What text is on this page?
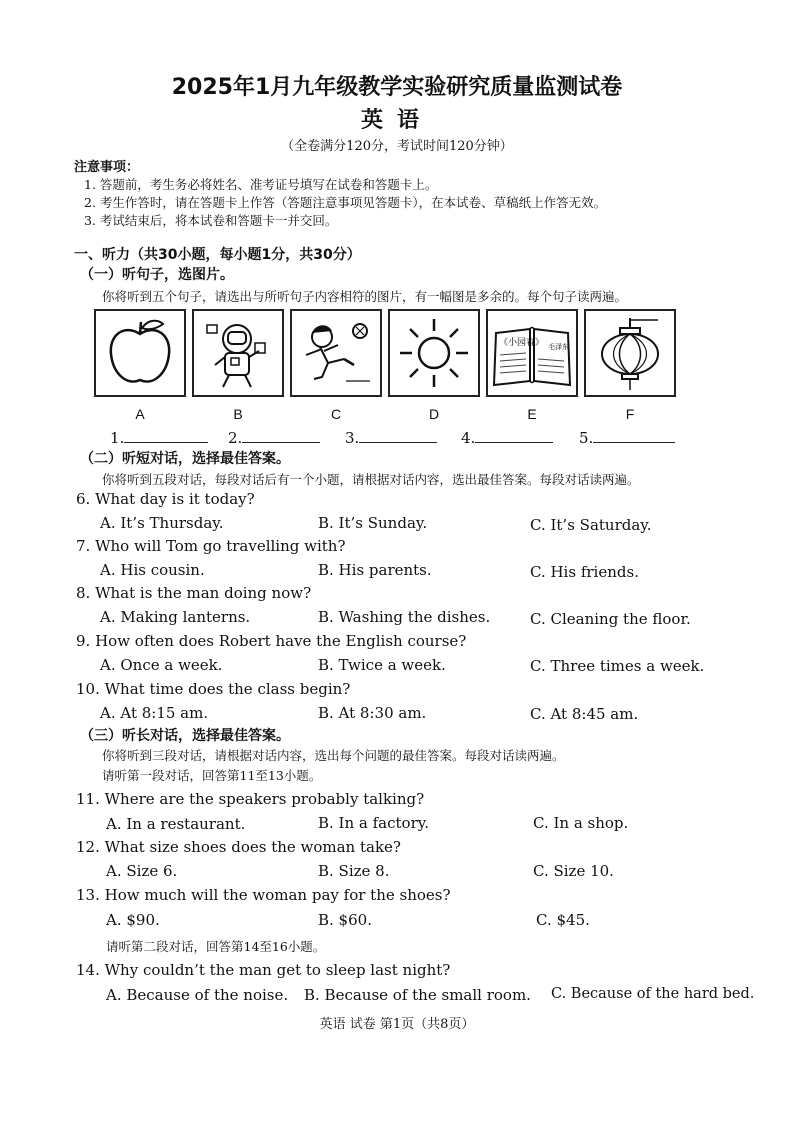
2025年1月九年级教学实验研究质量监测试卷
英语
（全卷满分120分，考试时间120分钟）
注意事项：
1. 答题前，考生务必将姓名、准考证号填写在试卷和答题卡上。
2. 考生作答时，请在答题卡上作答（答题注意事项见答题卡），在本试卷、草稿纸上作答无效。
3. 考试结束后，将本试卷和答题卡一并交回。
一、听力（共30小题，每小题1分，共30分）
（一）听句子，选图片。
你将听到五个句子，请选出与所听句子内容相符的图片，有一幅图是多余的。每个句子读两遍。
《小园春》 毛泽东
A	B	C	D	E	F
1.	2.	3.	4.	5.
（二）听短对话，选择最佳答案。
你将听到五段对话，每段对话后有一个小题，请根据对话内容，选出最佳答案。每段对话读两遍。
6. What day is it today?
A. It’s Thursday.	B. It’s Sunday.	C. It’s Saturday.
7. Who will Tom go travelling with?
A. His cousin.	B. His parents.	C. His friends.
8. What is the man doing now?
A. Making lanterns.	B. Washing the dishes.	C. Cleaning the floor.
9. How often does Robert have the English course?
A. Once a week.	B. Twice a week.	C. Three times a week.
10. What time does the class begin?
A. At 8:15 am.	B. At 8:30 am.	C. At 8:45 am.
（三）听长对话，选择最佳答案。
你将听到三段对话，请根据对话内容，选出每个问题的最佳答案。每段对话读两遍。
请听第一段对话，回答第11至13小题。
11. Where are the speakers probably talking?
A. In a restaurant.	B. In a factory.	C. In a shop.
12. What size shoes does the woman take?
A. Size 6.	B. Size 8.	C. Size 10.
13. How much will the woman pay for the shoes?
A. $90.	B. $60.	C. $45.
请听第二段对话，回答第14至16小题。
14. Why couldn’t the man get to sleep last night?
A. Because of the noise. B. Because of the small room. C. Because of the hard bed.
英语 试卷 第1页（共8页）
